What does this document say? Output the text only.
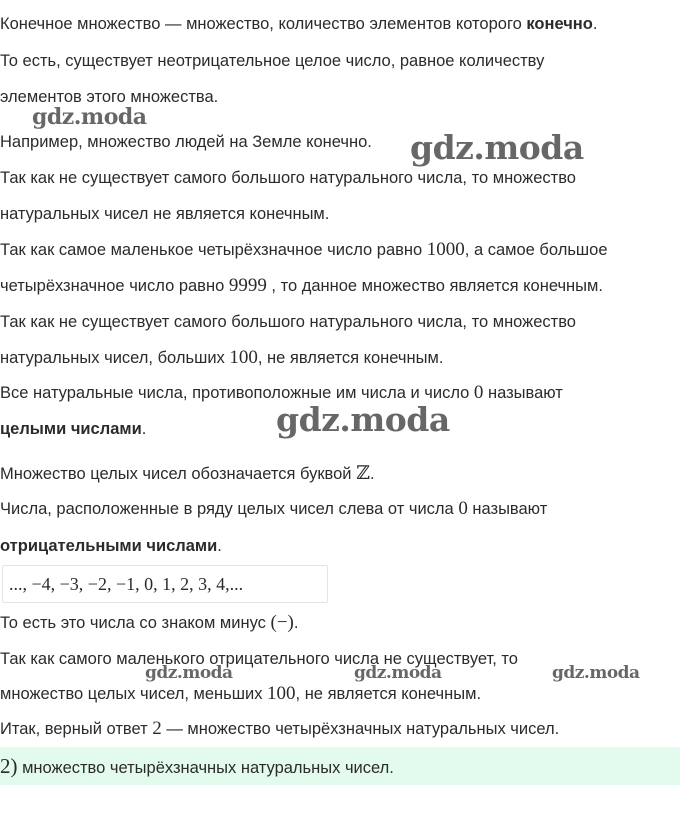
Конечное множество — множество, количество элементов которого конечно.
То есть, существует неотрицательное целое число, равное количеству
элементов этого множества.
Например, множество людей на Земле конечно.
Так как не существует самого большого натурального числа, то множество
натуральных чисел не является конечным.
Так как самое маленькое четырёхзначное число равно 1000, а самое большое
четырёхзначное число равно 9999 , то данное множество является конечным.
Так как не существует самого большого натурального числа, то множество
натуральных чисел, больших 100, не является конечным.
Все натуральные числа, противоположные им числа и число 0 называют
целыми числами.
Множество целых чисел обозначается буквой ℤ.
Числа, расположенные в ряду целых чисел слева от числа 0 называют
отрицательными числами.
..., −4, −3, −2, −1, 0, 1, 2, 3, 4,...
То есть это числа со знаком минус (−).
Так как самого маленького отрицательного числа не существует, то
множество целых чисел, меньших 100, не является конечным.
Итак, верный ответ 2 — множество четырёхзначных натуральных чисел.
2) множество четырёхзначных натуральных чисел.
gdz.moda
gdz.moda
gdz.moda
gdz.moda	gdz.moda	gdz.moda
